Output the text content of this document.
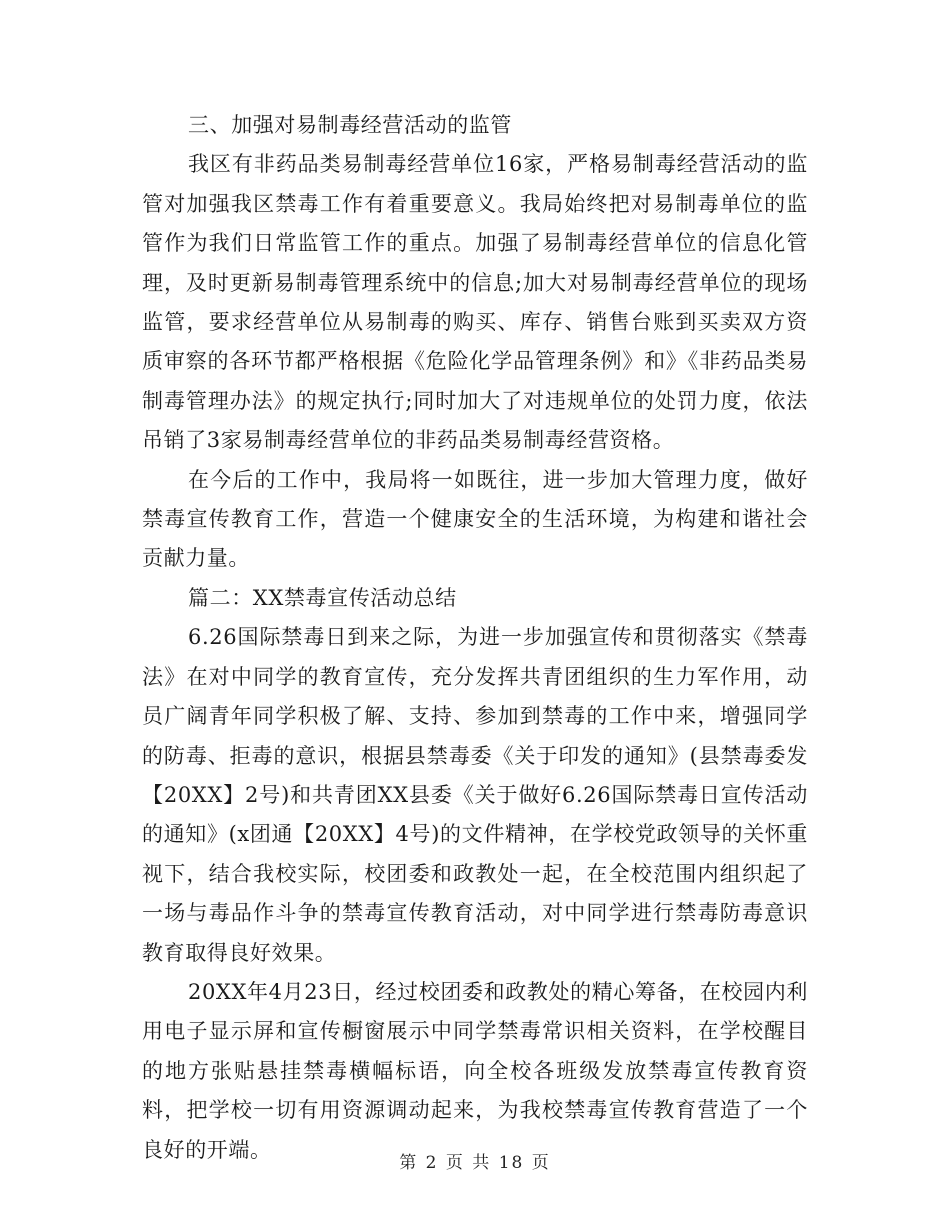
三、加强对易制毒经营活动的监管

我区有非药品类易制毒经营单位16家，严格易制毒经营活动的监管对加强我区禁毒工作有着重要意义。我局始终把对易制毒单位的监管作为我们日常监管工作的重点。加强了易制毒经营单位的信息化管理，及时更新易制毒管理系统中的信息;加大对易制毒经营单位的现场监管，要求经营单位从易制毒的购买、库存、销售台账到买卖双方资质审察的各环节都严格根据《危险化学品管理条例》和》《非药品类易制毒管理办法》的规定执行;同时加大了对违规单位的处罚力度，依法吊销了3家易制毒经营单位的非药品类易制毒经营资格。

在今后的工作中，我局将一如既往，进一步加大管理力度，做好禁毒宣传教育工作，营造一个健康安全的生活环境，为构建和谐社会贡献力量。

篇二：XX禁毒宣传活动总结

6.26国际禁毒日到来之际，为进一步加强宣传和贯彻落实《禁毒法》在对中同学的教育宣传，充分发挥共青团组织的生力军作用，动员广阔青年同学积极了解、支持、参加到禁毒的工作中来，增强同学的防毒、拒毒的意识，根据县禁毒委《关于印发的通知》(县禁毒委发【20XX】2号)和共青团XX县委《关于做好6.26国际禁毒日宣传活动的通知》(x团通【20XX】4号)的文件精神，在学校党政领导的关怀重视下，结合我校实际，校团委和政教处一起，在全校范围内组织起了一场与毒品作斗争的禁毒宣传教育活动，对中同学进行禁毒防毒意识教育取得良好效果。

20XX年4月23日，经过校团委和政教处的精心筹备，在校园内利用电子显示屏和宣传橱窗展示中同学禁毒常识相关资料，在学校醒目的地方张贴悬挂禁毒横幅标语，向全校各班级发放禁毒宣传教育资料，把学校一切有用资源调动起来，为我校禁毒宣传教育营造了一个良好的开端。

第 2 页 共 18 页
